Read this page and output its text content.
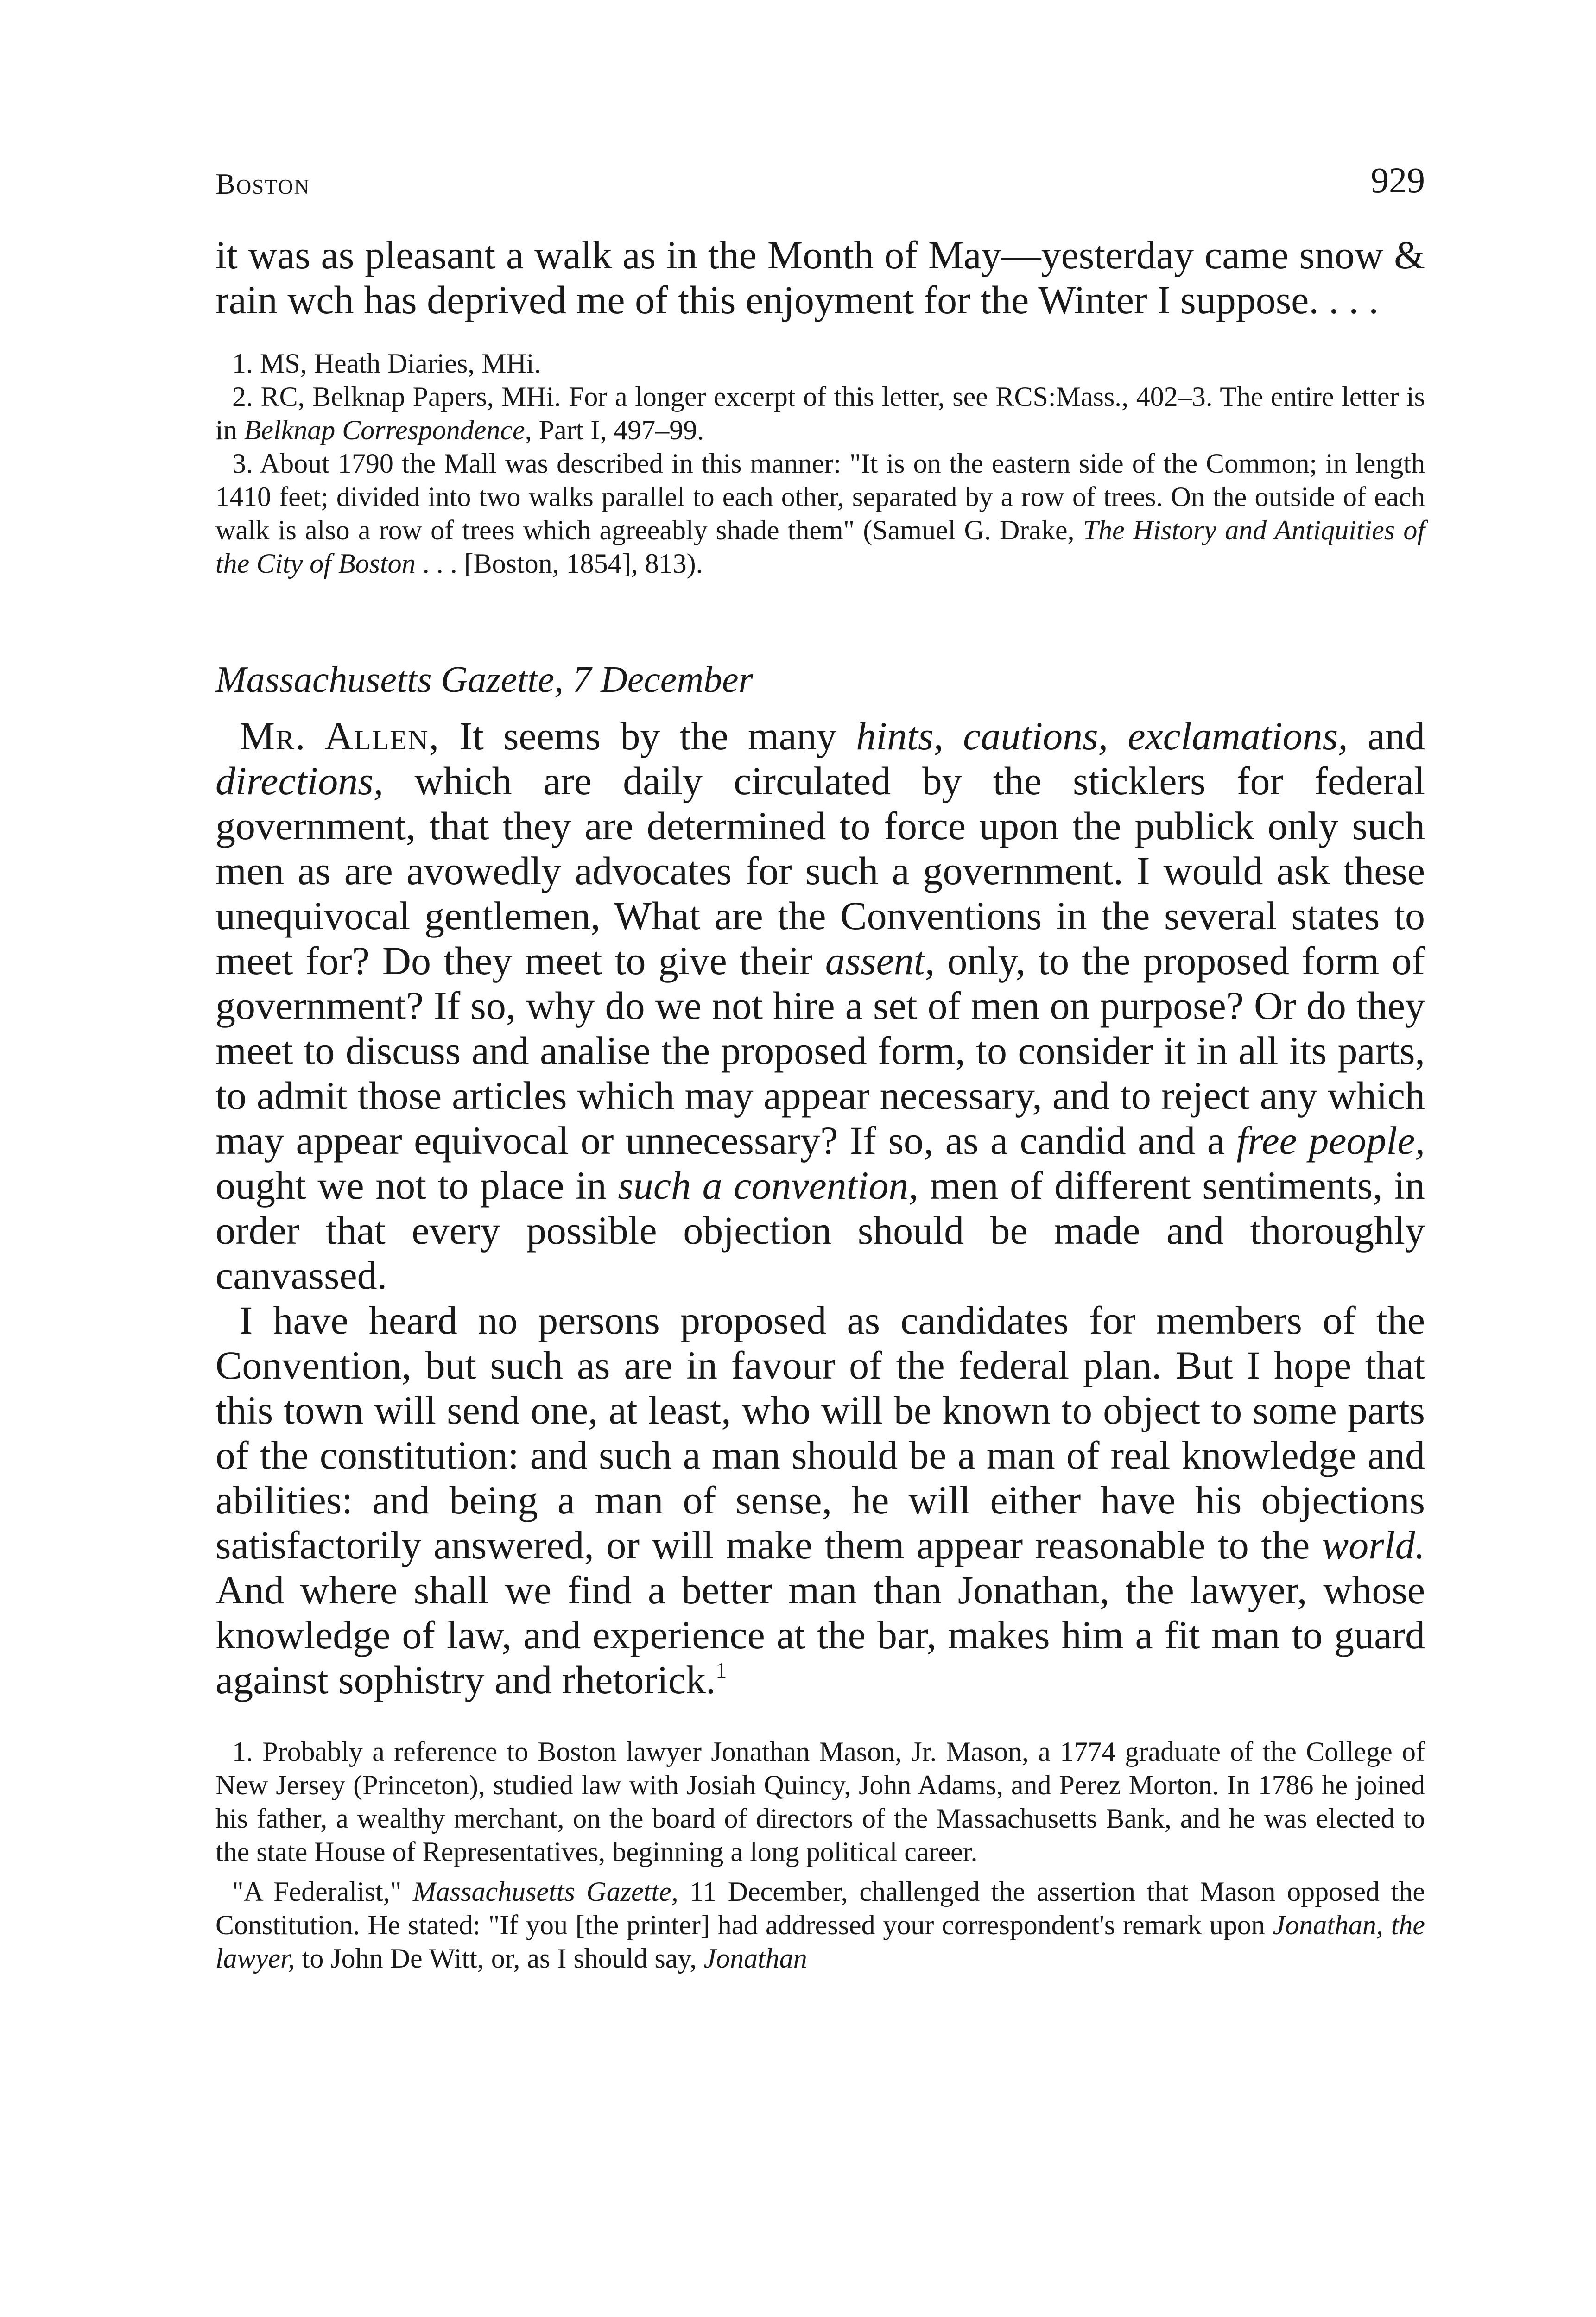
Boston	929

it was as pleasant a walk as in the Month of May—yesterday came snow & rain wch has deprived me of this enjoyment for the Winter I suppose. . . .

1. MS, Heath Diaries, MHi.

2. RC, Belknap Papers, MHi. For a longer excerpt of this letter, see RCS:Mass., 402–3. The entire letter is in Belknap Correspondence, Part I, 497–99.

3. About 1790 the Mall was described in this manner: "It is on the eastern side of the Common; in length 1410 feet; divided into two walks parallel to each other, separated by a row of trees. On the outside of each walk is also a row of trees which agreeably shade them" (Samuel G. Drake, The History and Antiquities of the City of Boston . . . [Boston, 1854], 813).

Massachusetts Gazette, 7 December

Mr. Allen, It seems by the many hints, cautions, exclamations, and directions, which are daily circulated by the sticklers for federal government, that they are determined to force upon the publick only such men as are avowedly advocates for such a government. I would ask these unequivocal gentlemen, What are the Conventions in the several states to meet for? Do they meet to give their assent, only, to the proposed form of government? If so, why do we not hire a set of men on purpose? Or do they meet to discuss and analise the proposed form, to consider it in all its parts, to admit those articles which may appear necessary, and to reject any which may appear equivocal or unnecessary? If so, as a candid and a free people, ought we not to place in such a convention, men of different sentiments, in order that every possible objection should be made and thoroughly canvassed.

I have heard no persons proposed as candidates for members of the Convention, but such as are in favour of the federal plan. But I hope that this town will send one, at least, who will be known to object to some parts of the constitution: and such a man should be a man of real knowledge and abilities: and being a man of sense, he will either have his objections satisfactorily answered, or will make them appear reasonable to the world. And where shall we find a better man than Jonathan, the lawyer, whose knowledge of law, and experience at the bar, makes him a fit man to guard against sophistry and rhetorick.$^1$

1. Probably a reference to Boston lawyer Jonathan Mason, Jr. Mason, a 1774 graduate of the College of New Jersey (Princeton), studied law with Josiah Quincy, John Adams, and Perez Morton. In 1786 he joined his father, a wealthy merchant, on the board of directors of the Massachusetts Bank, and he was elected to the state House of Representatives, beginning a long political career.

"A Federalist," Massachusetts Gazette, 11 December, challenged the assertion that Mason opposed the Constitution. He stated: "If you [the printer] had addressed your correspondent's remark upon Jonathan, the lawyer, to John De Witt, or, as I should say, Jonathan
